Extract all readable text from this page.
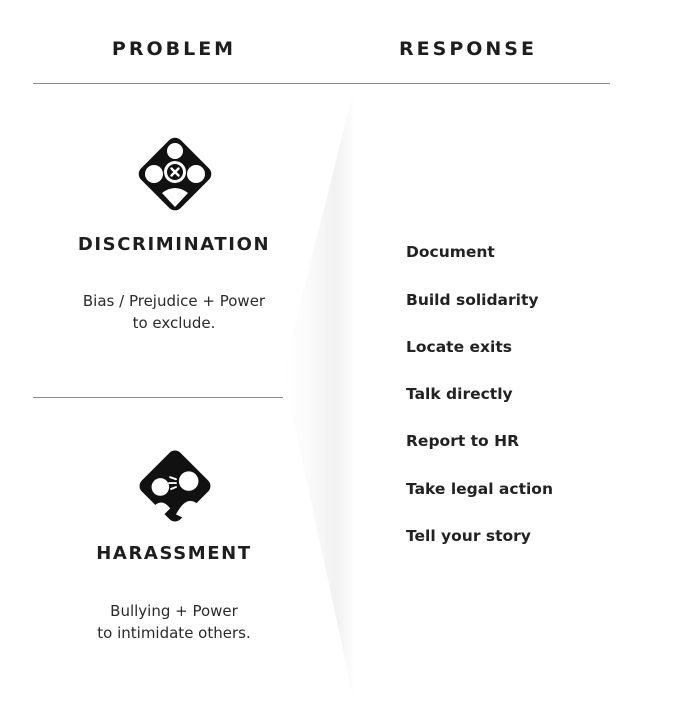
PROBLEM	RESPONSE
DISCRIMINATION
Bias / Prejudice + Power
to exclude.
HARASSMENT
Bullying + Power
to intimidate others.
Document
Build solidarity
Locate exits
Talk directly
Report to HR
Take legal action
Tell your story
